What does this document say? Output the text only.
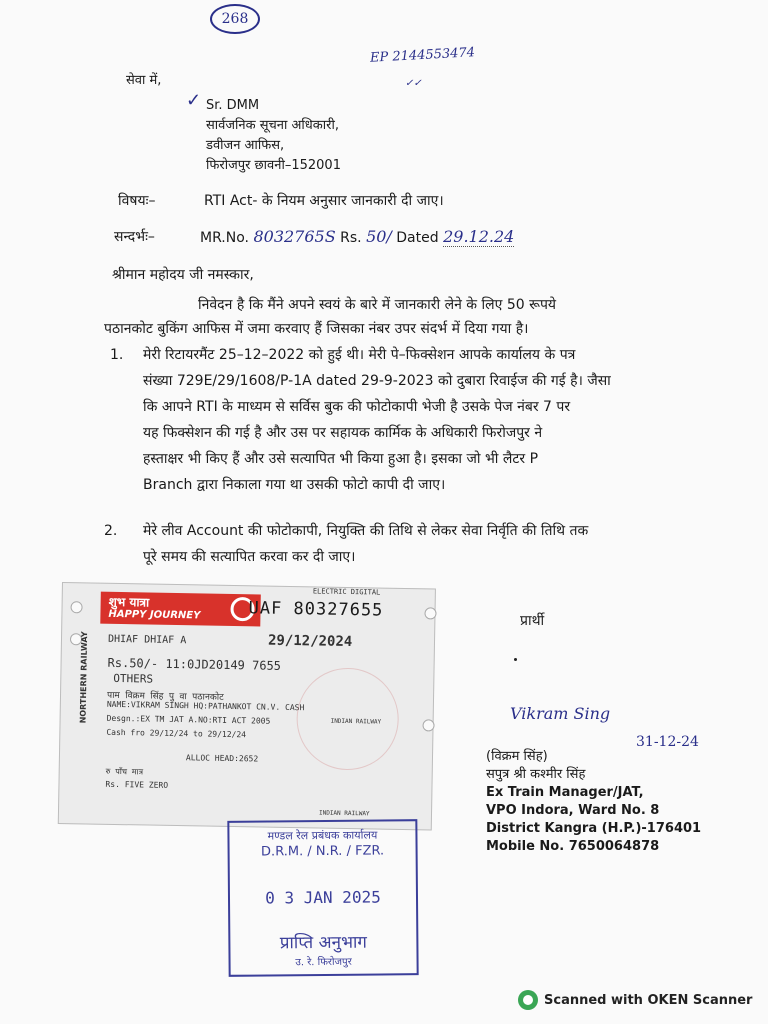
268
EP 2144553474
✓✓
सेवा में,
✓ Sr. DMM
सार्वजनिक सूचना अधिकारी,
डवीजन आफिस,
फिरोजपुर छावनी–152001
विषयः–	RTI Act- के नियम अनुसार जानकारी दी जाए।
सन्दर्भः–	MR.No. 8032765S Rs. 50/ Dated 29.12.24
श्रीमान महोदय जी नमस्कार,
निवेदन है कि मैंने अपने स्वयं के बारे में जानकारी लेने के लिए 50 रूपये
पठानकोट बुकिंग आफिस में जमा करवाए हैं जिसका नंबर उपर संदर्भ में दिया गया है।
1. मेरी रिटायरमैंट 25–12–2022 को हुई थी। मेरी पे–फिक्सेशन आपके कार्यालय के पत्र
संख्या 729E/29/1608/P-1A dated 29-9-2023 को दुबारा रिवाईज की गई है। जैसा
कि आपने RTI के माध्यम से सर्विस बुक की फोटोकापी भेजी है उसके पेज नंबर 7 पर
यह फिक्सेशन की गई है और उस पर सहायक कार्मिक के अधिकारी फिरोजपुर ने
हस्ताक्षर भी किए हैं और उसे सत्यापित भी किया हुआ है। इसका जो भी लैटर P
Branch द्वारा निकाला गया था उसकी फोटो कापी दी जाए।
2. मेरे लीव Account की फोटोकापी, नियुक्ति की तिथि से लेकर सेवा निर्वृति की तिथि तक
पूरे समय की सत्यापित करवा कर दी जाए।
शुभ यात्रा
HAPPY JOURNEY	UAF 80327655
ELECTRIC DIGITAL
DHIAF DHIAF A	29/12/2024
Rs.50/- 11:0JD20149 7655
OTHERS
पाम विक्रम सिंह पु वा पठानकोट
NAME:VIKRAM SINGH HQ:PATHANKOT CN.V. CASH
Desgn.:EX TM JAT A.NO:RTI ACT 2005
Cash fro 29/12/24 to 29/12/24
ALLOC HEAD:2652
रु पाँच मात्र
Rs. FIVE ZERO
INDIAN RAILWAY
INDIAN RAILWAY
NORTHERN RAILWAY
मण्डल रेल प्रबंधक कार्यालय
D.R.M. / N.R. / FZR.
0 3 JAN 2025
प्राप्ति अनुभाग
उ. रे. फिरोजपुर
प्रार्थी
Vikram Sing
31-12-24
(विक्रम सिंह)
सपुत्र श्री कश्मीर सिंह
Ex Train Manager/JAT,
VPO Indora, Ward No. 8
District Kangra (H.P.)-176401
Mobile No. 7650064878
Scanned with OKEN Scanner
